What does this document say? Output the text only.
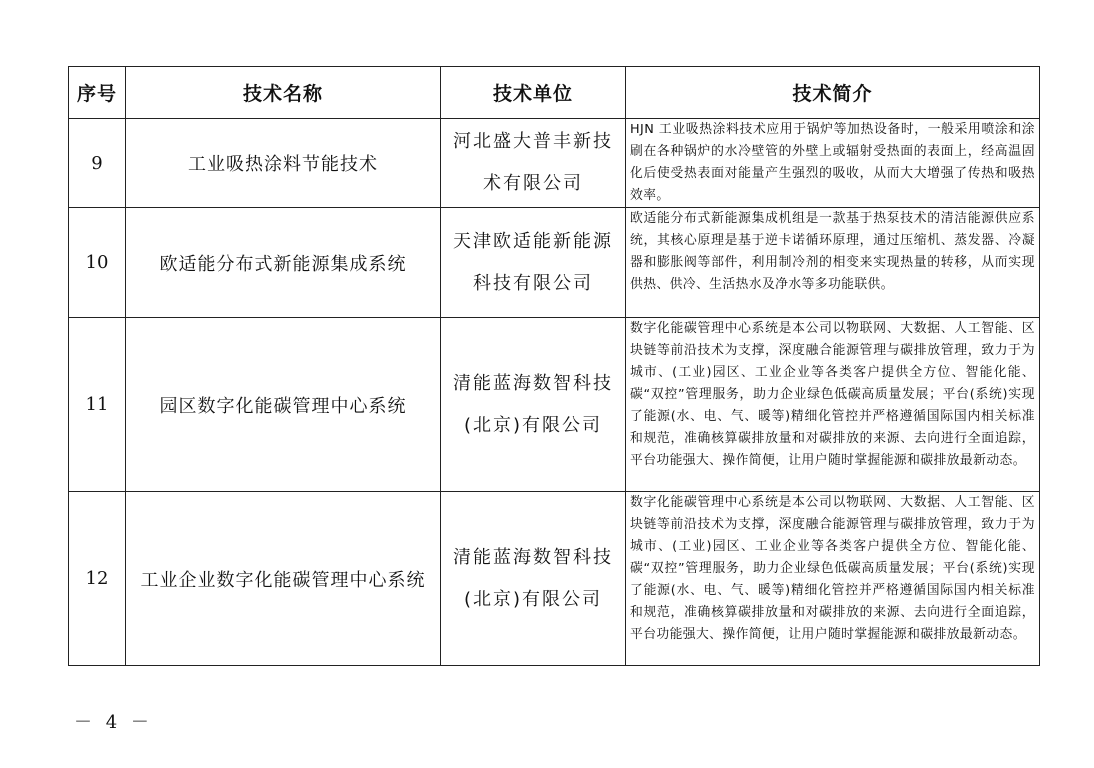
序号	技术名称	技术单位	技术简介
9	工业吸热涂料节能技术	河北盛大普丰新技术有限公司	HJN 工业吸热涂料技术应用于锅炉等加热设备时，一般采用喷涂和涂刷在各种锅炉的水冷壁管的外壁上或辐射受热面的表面上，经高温固化后使受热表面对能量产生强烈的吸收，从而大大增强了传热和吸热效率。
10	欧适能分布式新能源集成系统	天津欧适能新能源科技有限公司	欧适能分布式新能源集成机组是一款基于热泵技术的清洁能源供应系统，其核心原理是基于逆卡诺循环原理，通过压缩机、蒸发器、冷凝器和膨胀阀等部件，利用制冷剂的相变来实现热量的转移，从而实现供热、供冷、生活热水及净水等多功能联供。
11	园区数字化能碳管理中心系统	清能蓝海数智科技(北京)有限公司	数字化能碳管理中心系统是本公司以物联网、大数据、人工智能、区块链等前沿技术为支撑，深度融合能源管理与碳排放管理，致力于为城市、(工业)园区、工业企业等各类客户提供全方位、智能化能、碳“双控”管理服务，助力企业绿色低碳高质量发展；平台(系统)实现了能源(水、电、气、暖等)精细化管控并严格遵循国际国内相关标准和规范，准确核算碳排放量和对碳排放的来源、去向进行全面追踪，平台功能强大、操作简便，让用户随时掌握能源和碳排放最新动态。
12	工业企业数字化能碳管理中心系统	清能蓝海数智科技(北京)有限公司	数字化能碳管理中心系统是本公司以物联网、大数据、人工智能、区块链等前沿技术为支撑，深度融合能源管理与碳排放管理，致力于为城市、(工业)园区、工业企业等各类客户提供全方位、智能化能、碳“双控”管理服务，助力企业绿色低碳高质量发展；平台(系统)实现了能源(水、电、气、暖等)精细化管控并严格遵循国际国内相关标准和规范，准确核算碳排放量和对碳排放的来源、去向进行全面追踪，平台功能强大、操作简便，让用户随时掌握能源和碳排放最新动态。
－ 4 －
